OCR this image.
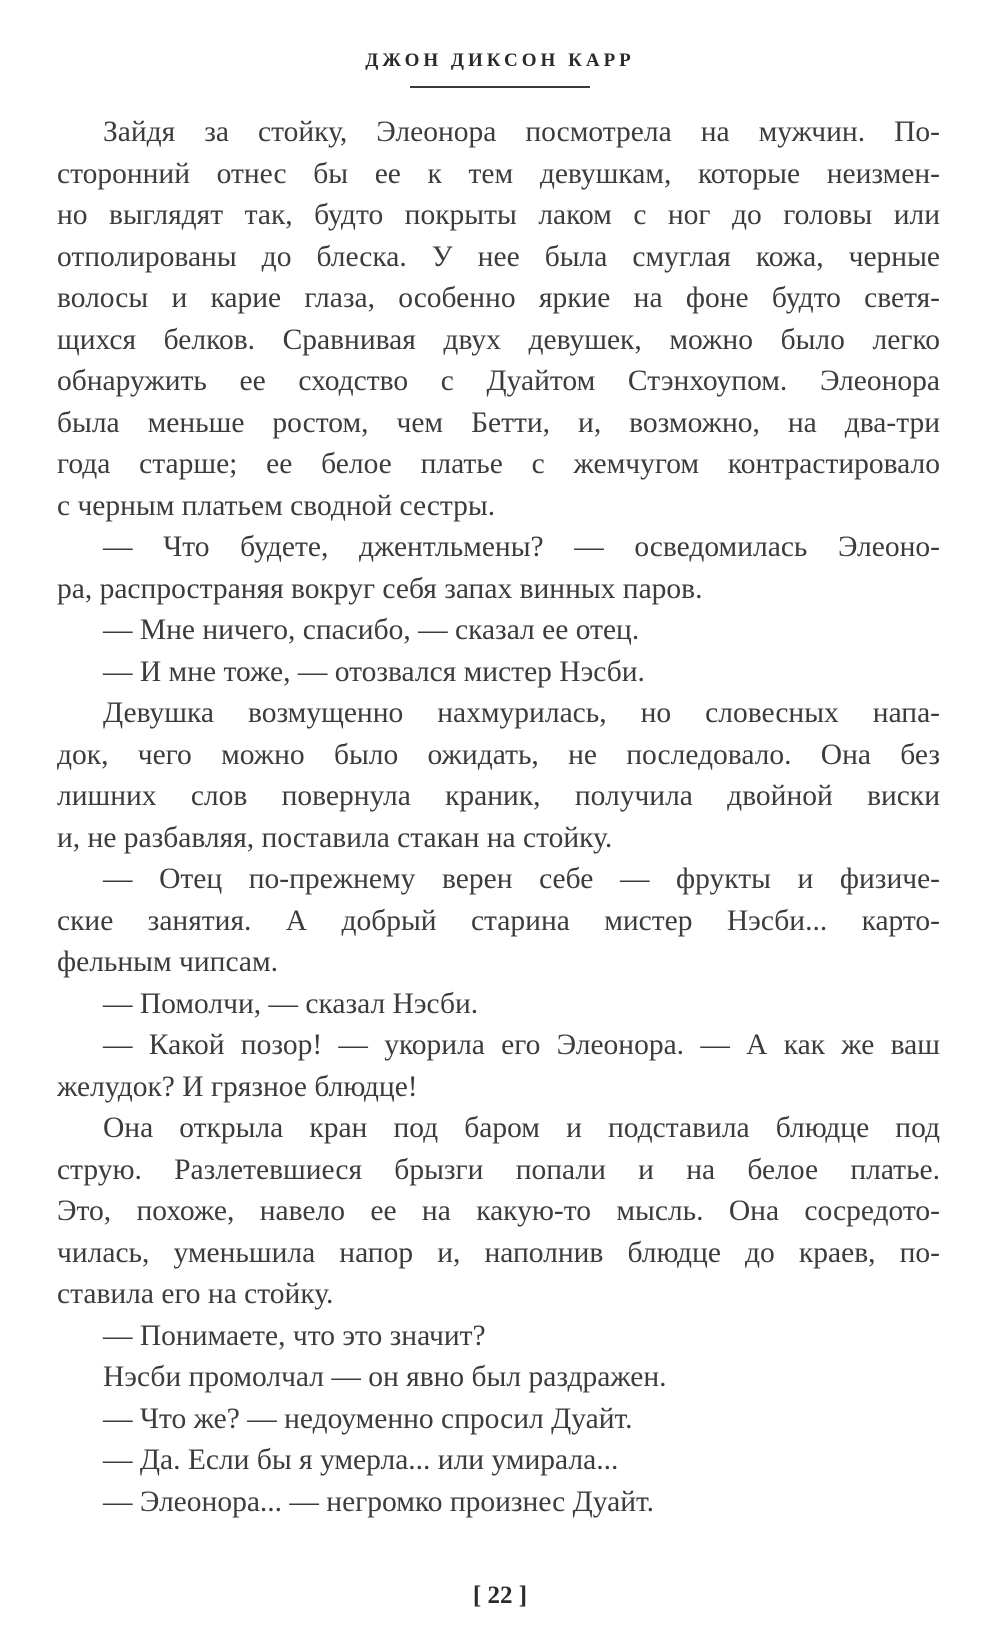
ДЖОН ДИКСОН КАРР
Зайдя за стойку, Элеонора посмотрела на мужчин. По-
сторонний отнес бы ее к тем девушкам, которые неизмен-
но выглядят так, будто покрыты лаком с ног до головы или
отполированы до блеска. У нее была смуглая кожа, черные
волосы и карие глаза, особенно яркие на фоне будто светя-
щихся белков. Сравнивая двух девушек, можно было легко
обнаружить ее сходство с Дуайтом Стэнхоупом. Элеонора
была меньше ростом, чем Бетти, и, возможно, на два-три
года старше; ее белое платье с жемчугом контрастировало
с черным платьем сводной сестры.
— Что будете, джентльмены? — осведомилась Элеоно-
ра, распространяя вокруг себя запах винных паров.
— Мне ничего, спасибо, — сказал ее отец.
— И мне тоже, — отозвался мистер Нэсби.
Девушка возмущенно нахмурилась, но словесных напа-
док, чего можно было ожидать, не последовало. Она без
лишних слов повернула краник, получила двойной виски
и, не разбавляя, поставила стакан на стойку.
— Отец по-прежнему верен себе — фрукты и физиче-
ские занятия. А добрый старина мистер Нэсби... карто-
фельным чипсам.
— Помолчи, — сказал Нэсби.
— Какой позор! — укорила его Элеонора. — А как же ваш
желудок? И грязное блюдце!
Она открыла кран под баром и подставила блюдце под
струю. Разлетевшиеся брызги попали и на белое платье.
Это, похоже, навело ее на какую-то мысль. Она сосредото-
чилась, уменьшила напор и, наполнив блюдце до краев, по-
ставила его на стойку.
— Понимаете, что это значит?
Нэсби промолчал — он явно был раздражен.
— Что же? — недоуменно спросил Дуайт.
— Да. Если бы я умерла... или умирала...
— Элеонора... — негромко произнес Дуайт.
[ 22 ]
